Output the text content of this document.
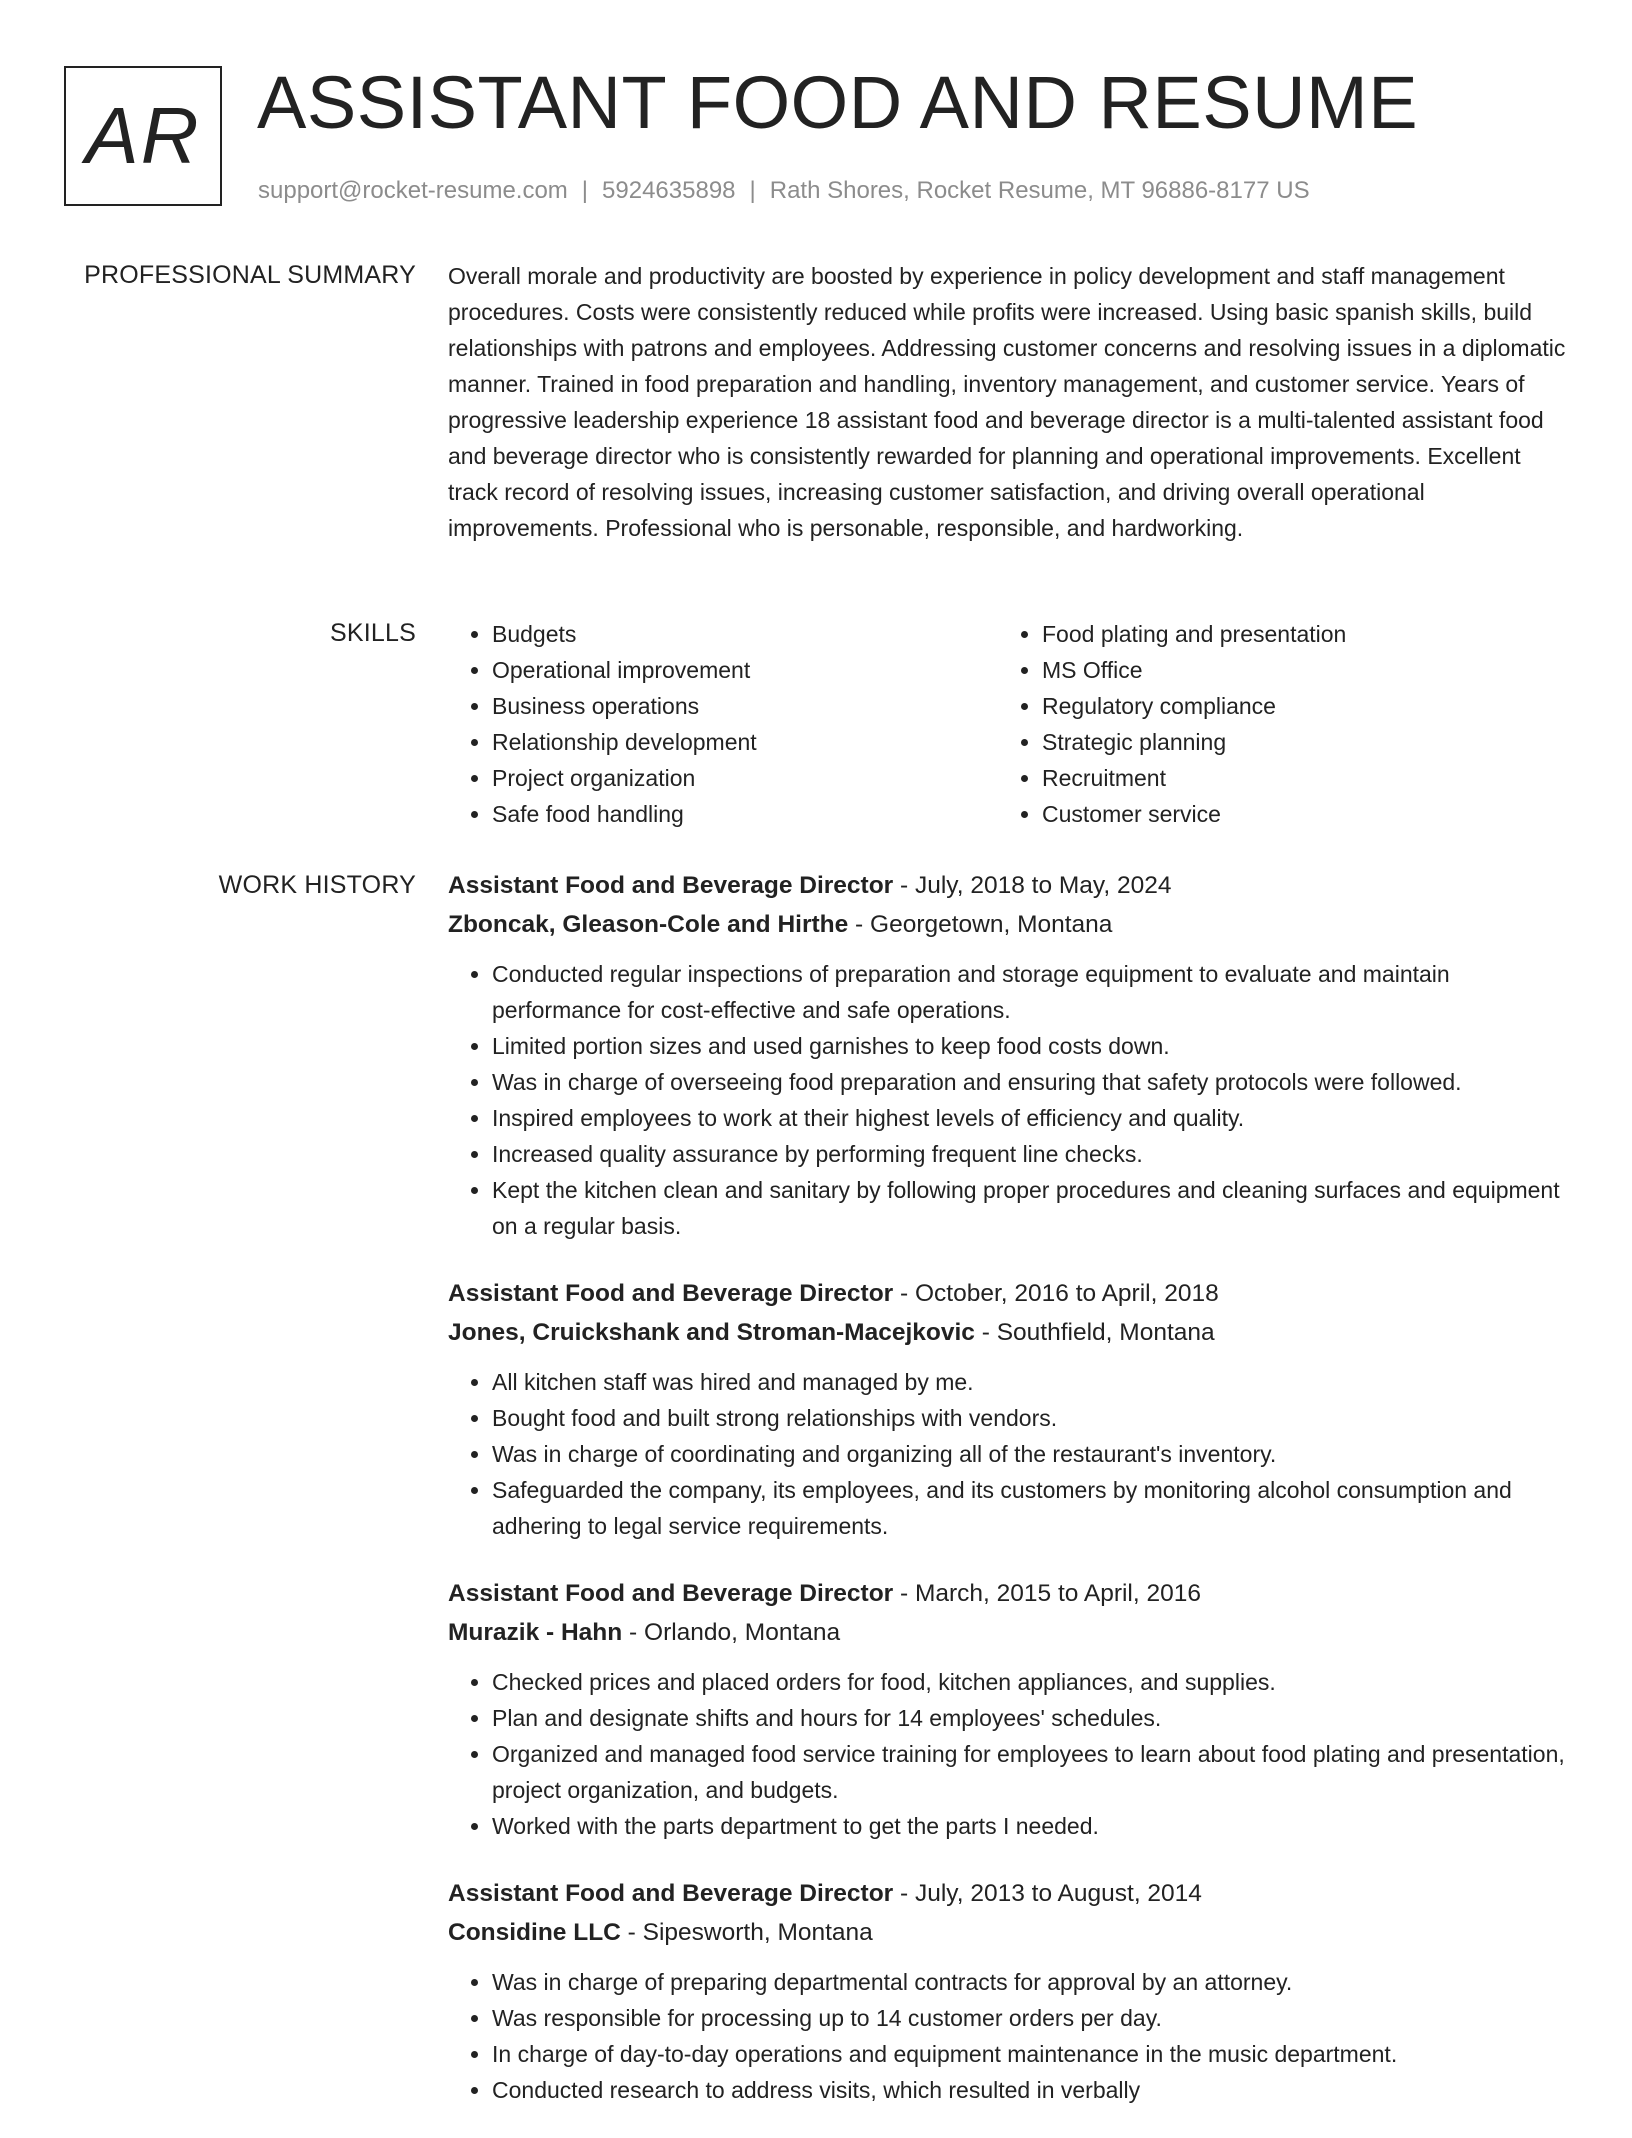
AR ASSISTANT FOOD AND RESUME
support@rocket-resume.com | 5924635898 | Rath Shores, Rocket Resume, MT 96886-8177 US
PROFESSIONAL SUMMARY Overall morale and productivity are boosted by experience in policy development and staff management procedures. Costs were consistently reduced while profits were increased. Using basic spanish skills, build relationships with patrons and employees. Addressing customer concerns and resolving issues in a diplomatic manner. Trained in food preparation and handling, inventory management, and customer service. Years of progressive leadership experience 18 assistant food and beverage director is a multi-talented assistant food and beverage director who is consistently rewarded for planning and operational improvements. Excellent track record of resolving issues, increasing customer satisfaction, and driving overall operational improvements. Professional who is personable, responsible, and hardworking.

SKILLS
•	Budgets
• Operational improvement
• Business operations
• Relationship development
• Project organization
• Safe food handling
• Food plating and presentation
• MS Office
• Regulatory compliance
• Strategic planning
• Recruitment
• Customer service
WORK HISTORY Assistant Food and Beverage Director - July, 2018 to May, 2024
Zboncak, Gleason-Cole and Hirthe - Georgetown, Montana
• Conducted regular inspections of preparation and storage equipment to evaluate and maintain performance for cost-effective and safe operations.
• Limited portion sizes and used garnishes to keep food costs down.
• Was in charge of overseeing food preparation and ensuring that safety protocols were followed.
• Inspired employees to work at their highest levels of efficiency and quality.
• Increased quality assurance by performing frequent line checks.
• Kept the kitchen clean and sanitary by following proper procedures and cleaning surfaces and equipment on a regular basis.
Assistant Food and Beverage Director - October, 2016 to April, 2018
Jones, Cruickshank and Stroman-Macejkovic - Southfield, Montana
• All kitchen staff was hired and managed by me.
• Bought food and built strong relationships with vendors.
• Was in charge of coordinating and organizing all of the restaurant's inventory.
• Safeguarded the company, its employees, and its customers by monitoring alcohol consumption and adhering to legal service requirements.
Assistant Food and Beverage Director - March, 2015 to April, 2016
Murazik - Hahn - Orlando, Montana
• Checked prices and placed orders for food, kitchen appliances, and supplies.
• Plan and designate shifts and hours for 14 employees' schedules.
• Organized and managed food service training for employees to learn about food plating and presentation, project organization, and budgets.
• Worked with the parts department to get the parts I needed.
Assistant Food and Beverage Director - July, 2013 to August, 2014
Considine LLC - Sipesworth, Montana
• Was in charge of preparing departmental contracts for approval by an attorney.
• Was responsible for processing up to 14 customer orders per day.
• In charge of day-to-day operations and equipment maintenance in the music department.
• Conducted research to address visits, which resulted in verbally
